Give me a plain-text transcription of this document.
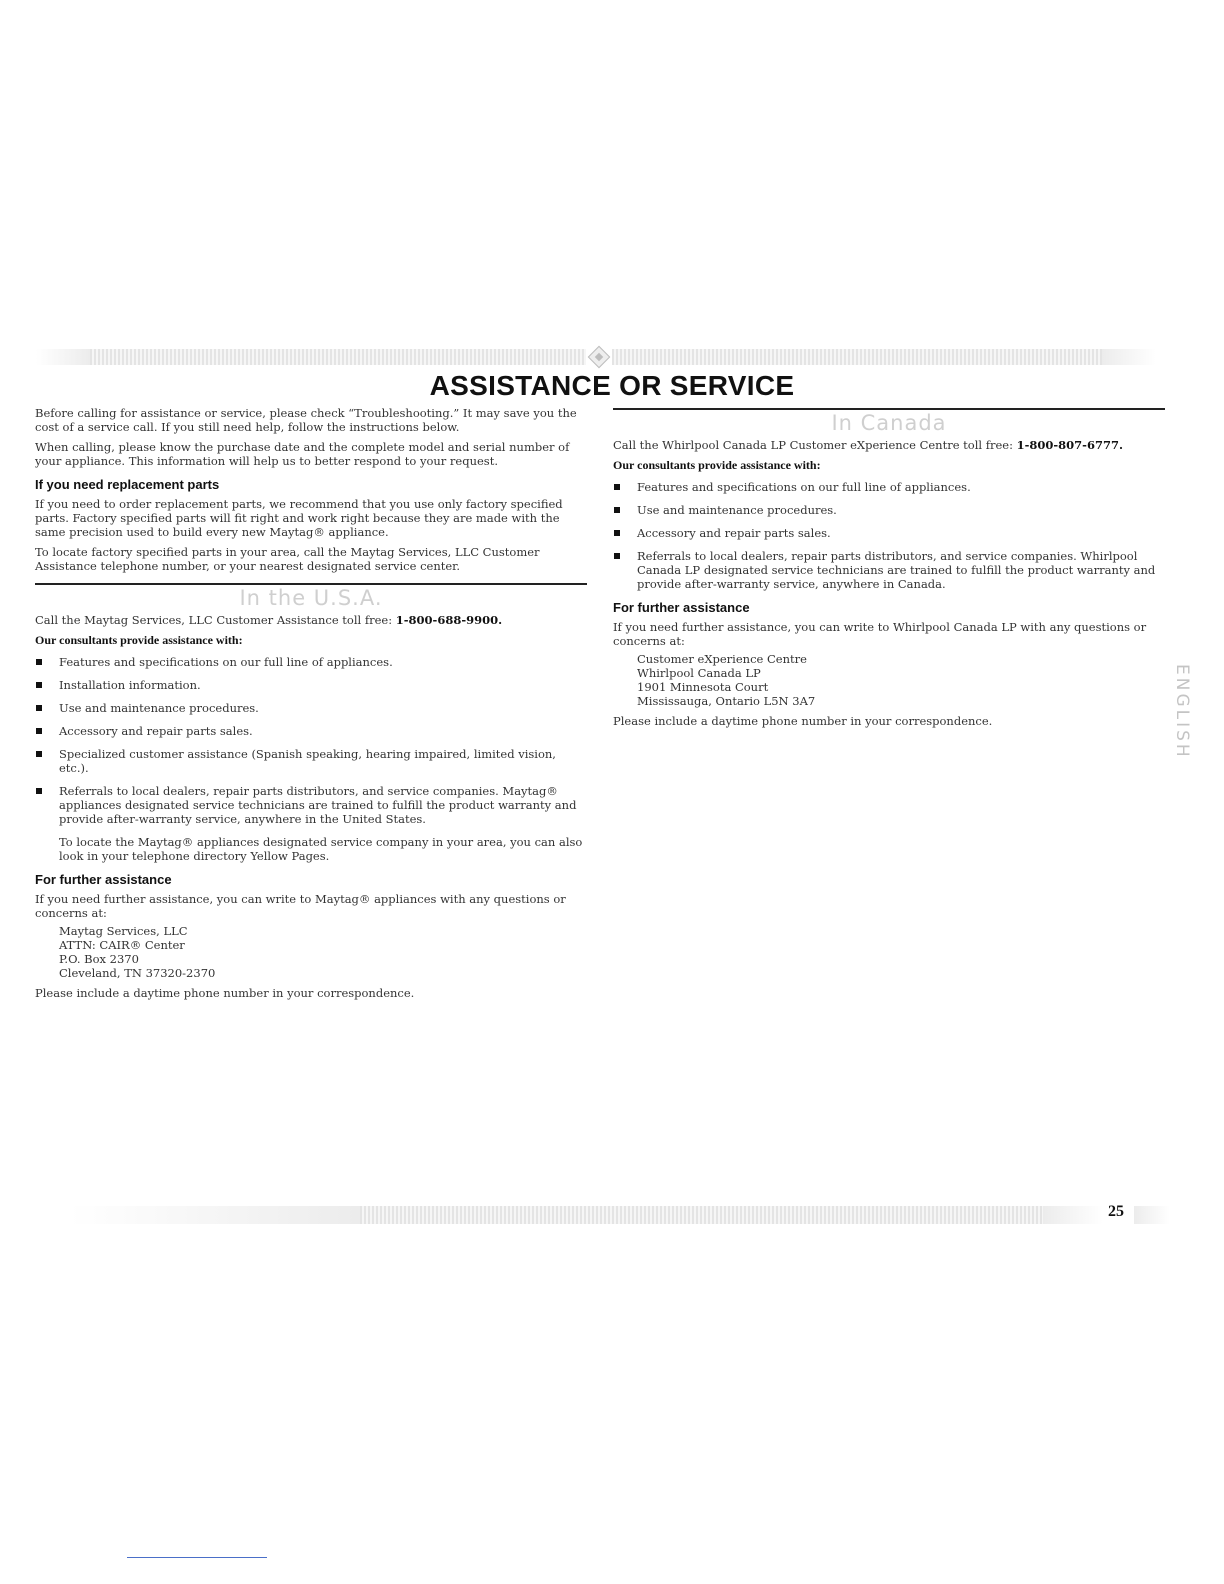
ASSISTANCE OR SERVICE

Before calling for assistance or service, please check “Troubleshooting.” It may save you the cost of a service call. If you still need help, follow the instructions below.

When calling, please know the purchase date and the complete model and serial number of your appliance. This information will help us to better respond to your request.

If you need replacement parts

If you need to order replacement parts, we recommend that you use only factory specified parts. Factory specified parts will fit right and work right because they are made with the same precision used to build every new Maytag® appliance.

To locate factory specified parts in your area, call the Maytag Services, LLC Customer Assistance telephone number, or your nearest designated service center.

In the U.S.A.

Call the Maytag Services, LLC Customer Assistance toll free: 1-800-688-9900.

Our consultants provide assistance with:
Features and specifications on our full line of appliances.
Installation information.
Use and maintenance procedures.
Accessory and repair parts sales.
Specialized customer assistance (Spanish speaking, hearing impaired, limited vision, etc.).
Referrals to local dealers, repair parts distributors, and service companies. Maytag® appliances designated service technicians are trained to fulfill the product warranty and provide after-warranty service, anywhere in the United States.

To locate the Maytag® appliances designated service company in your area, you can also look in your telephone directory Yellow Pages.

For further assistance

If you need further assistance, you can write to Maytag® appliances with any questions or concerns at:

Maytag Services, LLC
ATTN: CAIR® Center
P.O. Box 2370
Cleveland, TN 37320-2370

Please include a daytime phone number in your correspondence.

In Canada

Call the Whirlpool Canada LP Customer eXperience Centre toll free: 1-800-807-6777.

Our consultants provide assistance with:
Features and specifications on our full line of appliances.
Use and maintenance procedures.
Accessory and repair parts sales.
Referrals to local dealers, repair parts distributors, and service companies. Whirlpool Canada LP designated service technicians are trained to fulfill the product warranty and provide after-warranty service, anywhere in Canada.
For further assistance

If you need further assistance, you can write to Whirlpool Canada LP with any questions or concerns at:

Customer eXperience Centre
Whirlpool Canada LP
1901 Minnesota Court
Mississauga, Ontario L5N 3A7

Please include a daytime phone number in your correspondence.	ENGLISH
25
